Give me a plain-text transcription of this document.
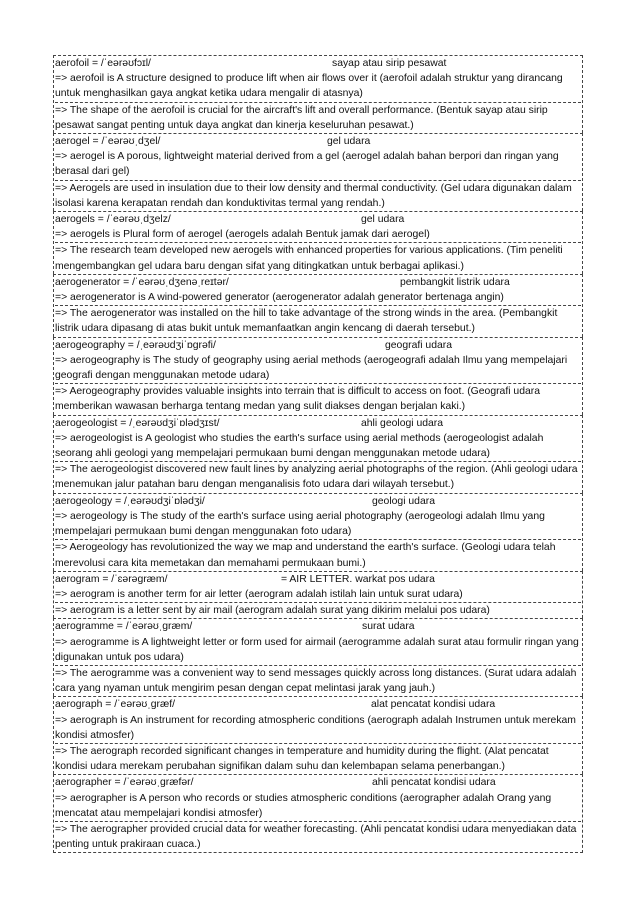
aerofoil = /ˈeərəʊfɔɪl/	sayap atau sirip pesawat
=> aerofoil is A structure designed to produce lift when air flows over it (aerofoil adalah struktur yang dirancang untuk menghasilkan gaya angkat ketika udara mengalir di atasnya)
=> The shape of the aerofoil is crucial for the aircraft's lift and overall performance. (Bentuk sayap atau sirip pesawat sangat penting untuk daya angkat dan kinerja keseluruhan pesawat.)
aerogel = /ˈeərəʊˌdʒel/	gel udara
=> aerogel is A porous, lightweight material derived from a gel (aerogel adalah bahan berpori dan ringan yang berasal dari gel)
=> Aerogels are used in insulation due to their low density and thermal conductivity. (Gel udara digunakan dalam isolasi karena kerapatan rendah dan konduktivitas termal yang rendah.)
aerogels = /ˈeərəʊˌdʒelz/	gel udara
=> aerogels is Plural form of aerogel (aerogels adalah Bentuk jamak dari aerogel)
=> The research team developed new aerogels with enhanced properties for various applications. (Tim peneliti mengembangkan gel udara baru dengan sifat yang ditingkatkan untuk berbagai aplikasi.)
aerogenerator = /ˈeərəʊˌdʒenəˌreɪtər/	pembangkit listrik udara
=> aerogenerator is A wind-powered generator (aerogenerator adalah generator bertenaga angin)
=> The aerogenerator was installed on the hill to take advantage of the strong winds in the area. (Pembangkit listrik udara dipasang di atas bukit untuk memanfaatkan angin kencang di daerah tersebut.)
aerogeography = /ˌeərəʊdʒiˈɒɡrəfi/	geografi udara
=> aerogeography is The study of geography using aerial methods (aerogeografi adalah Ilmu yang mempelajari geografi dengan menggunakan metode udara)
=> Aerogeography provides valuable insights into terrain that is difficult to access on foot. (Geografi udara memberikan wawasan berharga tentang medan yang sulit diakses dengan berjalan kaki.)
aerogeologist = /ˌeərəʊdʒiˈɒlədʒɪst/	ahli geologi udara
=> aerogeologist is A geologist who studies the earth's surface using aerial methods (aerogeologist adalah seorang ahli geologi yang mempelajari permukaan bumi dengan menggunakan metode udara)
=> The aerogeologist discovered new fault lines by analyzing aerial photographs of the region. (Ahli geologi udara menemukan jalur patahan baru dengan menganalisis foto udara dari wilayah tersebut.)
aerogeology = /ˌeərəʊdʒiˈɒlədʒi/	geologi udara
=> aerogeology is The study of the earth's surface using aerial photography (aerogeologi adalah Ilmu yang mempelajari permukaan bumi dengan menggunakan foto udara)
=> Aerogeology has revolutionized the way we map and understand the earth's surface. (Geologi udara telah merevolusi cara kita memetakan dan memahami permukaan bumi.)
aerogram = /ˈɛərəɡræm/	= AIR LETTER. warkat pos udara
=> aerogram is another term for air letter (aerogram adalah istilah lain untuk surat udara)
=> aerogram is a letter sent by air mail (aerogram adalah surat yang dikirim melalui pos udara)
aerogramme = /ˈeərəʊˌɡræm/	surat udara
=> aerogramme is A lightweight letter or form used for airmail (aerogramme adalah surat atau formulir ringan yang digunakan untuk pos udara)
=> The aerogramme was a convenient way to send messages quickly across long distances. (Surat udara adalah cara yang nyaman untuk mengirim pesan dengan cepat melintasi jarak yang jauh.)
aerograph = /ˈeərəʊˌɡræf/	alat pencatat kondisi udara
=> aerograph is An instrument for recording atmospheric conditions (aerograph adalah Instrumen untuk merekam kondisi atmosfer)
=> The aerograph recorded significant changes in temperature and humidity during the flight. (Alat pencatat kondisi udara merekam perubahan signifikan dalam suhu dan kelembapan selama penerbangan.)
aerographer = /ˈeərəʊˌɡræfər/	ahli pencatat kondisi udara
=> aerographer is A person who records or studies atmospheric conditions (aerographer adalah Orang yang mencatat atau mempelajari kondisi atmosfer)
=> The aerographer provided crucial data for weather forecasting. (Ahli pencatat kondisi udara menyediakan data penting untuk prakiraan cuaca.)
